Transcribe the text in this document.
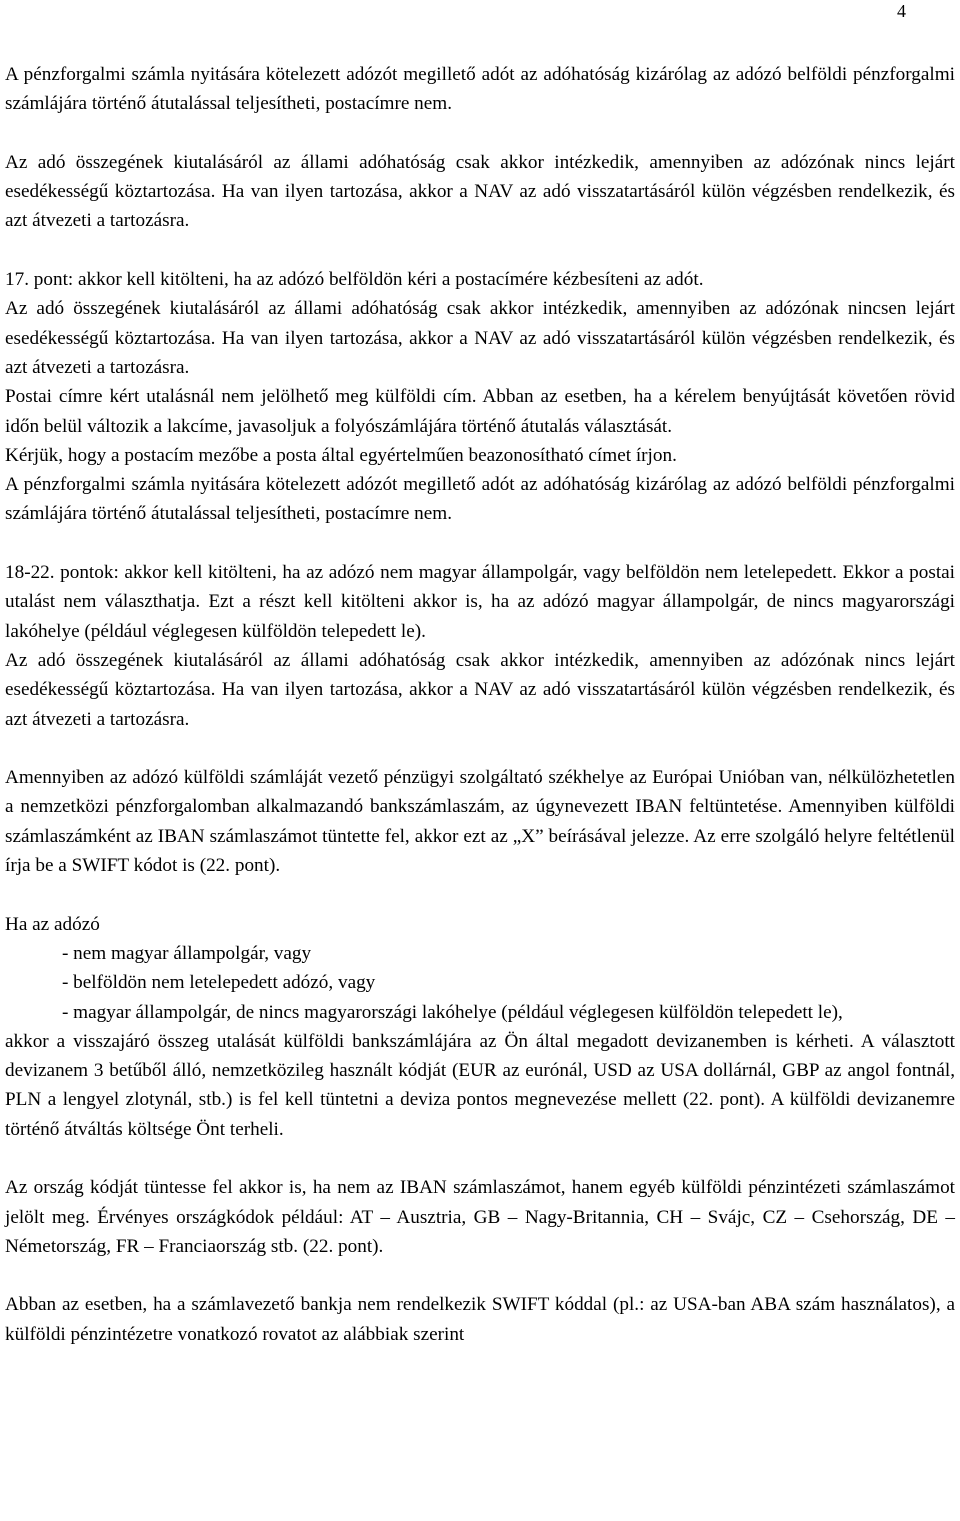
4

A pénzforgalmi számla nyitására kötelezett adózót megillető adót az adóhatóság kizárólag az adózó belföldi pénzforgalmi számlájára történő átutalással teljesítheti, postacímre nem.

Az adó összegének kiutalásáról az állami adóhatóság csak akkor intézkedik, amennyiben az adózónak nincs lejárt esedékességű köztartozása. Ha van ilyen tartozása, akkor a NAV az adó visszatartásáról külön végzésben rendelkezik, és azt átvezeti a tartozásra.

17. pont: akkor kell kitölteni, ha az adózó belföldön kéri a postacímére kézbesíteni az adót.

Az adó összegének kiutalásáról az állami adóhatóság csak akkor intézkedik, amennyiben az adózónak nincsen lejárt esedékességű köztartozása. Ha van ilyen tartozása, akkor a NAV az adó visszatartásáról külön végzésben rendelkezik, és azt átvezeti a tartozásra.

Postai címre kért utalásnál nem jelölhető meg külföldi cím. Abban az esetben, ha a kérelem benyújtását követően rövid időn belül változik a lakcíme, javasoljuk a folyószámlájára történő átutalás választását.

Kérjük, hogy a postacím mezőbe a posta által egyértelműen beazonosítható címet írjon.

A pénzforgalmi számla nyitására kötelezett adózót megillető adót az adóhatóság kizárólag az adózó belföldi pénzforgalmi számlájára történő átutalással teljesítheti, postacímre nem.

18-22. pontok: akkor kell kitölteni, ha az adózó nem magyar állampolgár, vagy belföldön nem letelepedett. Ekkor a postai utalást nem választhatja. Ezt a részt kell kitölteni akkor is, ha az adózó magyar állampolgár, de nincs magyarországi lakóhelye (például véglegesen külföldön telepedett le).

Az adó összegének kiutalásáról az állami adóhatóság csak akkor intézkedik, amennyiben az adózónak nincs lejárt esedékességű köztartozása. Ha van ilyen tartozása, akkor a NAV az adó visszatartásáról külön végzésben rendelkezik, és azt átvezeti a tartozásra.

Amennyiben az adózó külföldi számláját vezető pénzügyi szolgáltató székhelye az Európai Unióban van, nélkülözhetetlen a nemzetközi pénzforgalomban alkalmazandó bankszámlaszám, az úgynevezett IBAN feltüntetése. Amennyiben külföldi számlaszámként az IBAN számlaszámot tüntette fel, akkor ezt az „X” beírásával jelezze. Az erre szolgáló helyre feltétlenül írja be a SWIFT kódot is (22. pont).

Ha az adózó

- nem magyar állampolgár, vagy
- belföldön nem letelepedett adózó, vagy
- magyar állampolgár, de nincs magyarországi lakóhelye (például véglegesen külföldön telepedett le),

akkor a visszajáró összeg utalását külföldi bankszámlájára az Ön által megadott devizanemben is kérheti. A választott devizanem 3 betűből álló, nemzetközileg használt kódját (EUR az eurónál, USD az USA dollárnál, GBP az angol fontnál, PLN a lengyel zlotynál, stb.) is fel kell tüntetni a deviza pontos megnevezése mellett (22. pont). A külföldi devizanemre történő átváltás költsége Önt terheli.

Az ország kódját tüntesse fel akkor is, ha nem az IBAN számlaszámot, hanem egyéb külföldi pénzintézeti számlaszámot jelölt meg. Érvényes országkódok például: AT – Ausztria, GB – Nagy-Britannia, CH – Svájc, CZ – Csehország, DE – Németország, FR – Franciaország stb. (22. pont).

Abban az esetben, ha a számlavezető bankja nem rendelkezik SWIFT kóddal (pl.: az USA-ban ABA szám használatos), a külföldi pénzintézetre vonatkozó rovatot az alábbiak szerint
